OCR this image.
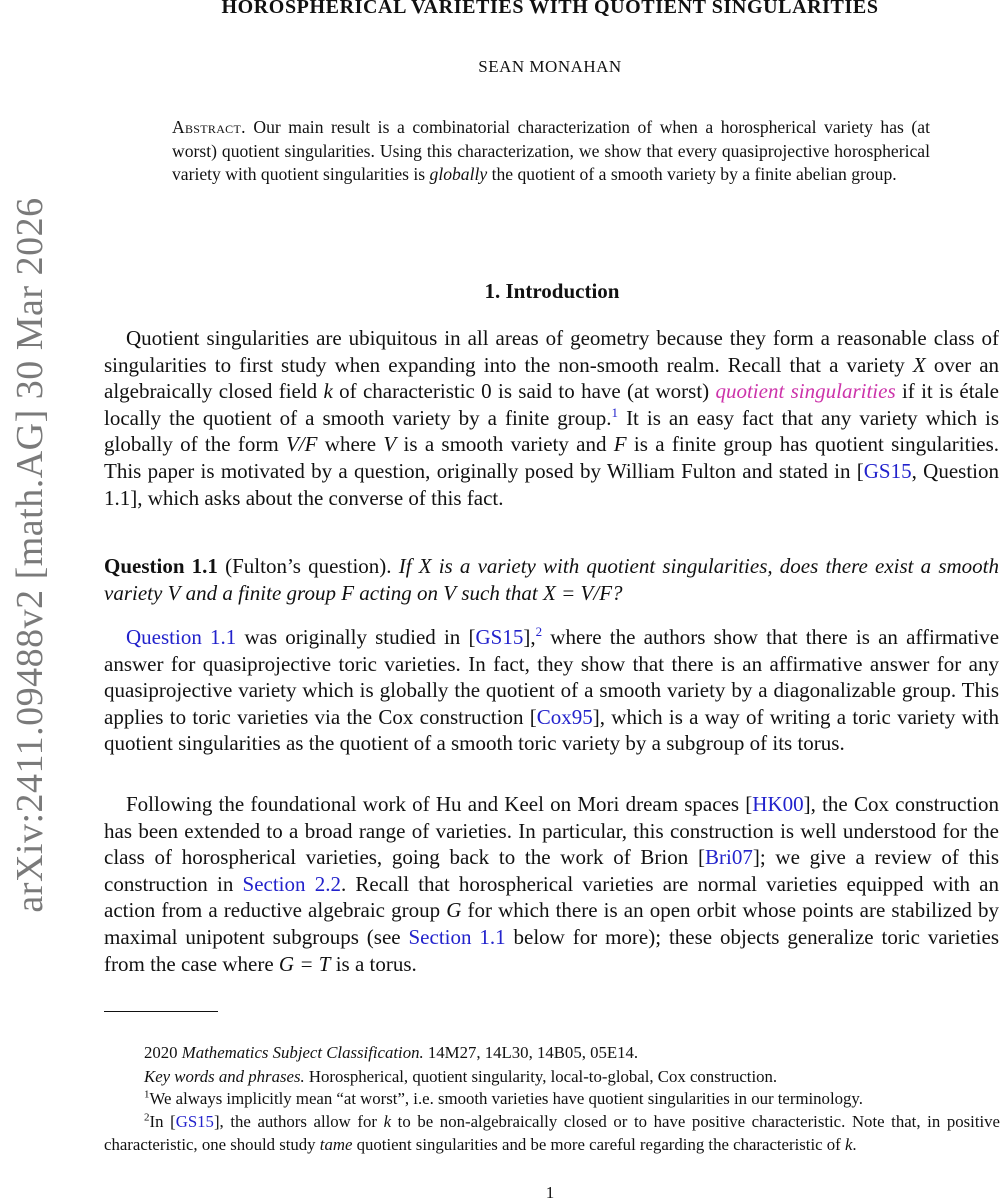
arXiv:2411.09488v2 [math.AG] 30 Mar 2026
HOROSPHERICAL VARIETIES WITH QUOTIENT SINGULARITIES
SEAN MONAHAN

Abstract. Our main result is a combinatorial characterization of when a horospherical variety has (at worst) quotient singularities. Using this characterization, we show that every quasiprojective horospherical variety with quotient singularities is globally the quotient of a smooth variety by a finite abelian group.

1. Introduction

Quotient singularities are ubiquitous in all areas of geometry because they form a reasonable class of singularities to first study when expanding into the non-smooth realm. Recall that a variety X over an algebraically closed field k of characteristic 0 is said to have (at worst) quotient singularities if it is étale locally the quotient of a smooth variety by a finite group.$^1$ It is an easy fact that any variety which is globally of the form V/F where V is a smooth variety and F is a finite group has quotient singularities. This paper is motivated by a question, originally posed by William Fulton and stated in [GS15, Question 1.1], which asks about the converse of this fact.

Question 1.1 (Fulton’s question). If X is a variety with quotient singularities, does there exist a smooth variety V and a finite group F acting on V such that X = V/F?

Question 1.1 was originally studied in [GS15],$^2$ where the authors show that there is an affirmative answer for quasiprojective toric varieties. In fact, they show that there is an affirmative answer for any quasiprojective variety which is globally the quotient of a smooth variety by a diagonalizable group. This applies to toric varieties via the Cox construction [Cox95], which is a way of writing a toric variety with quotient singularities as the quotient of a smooth toric variety by a subgroup of its torus.

Following the foundational work of Hu and Keel on Mori dream spaces [HK00], the Cox construction has been extended to a broad range of varieties. In particular, this construction is well understood for the class of horospherical varieties, going back to the work of Brion [Bri07]; we give a review of this construction in Section 2.2. Recall that horospherical varieties are normal varieties equipped with an action from a reductive algebraic group G for which there is an open orbit whose points are stabilized by maximal unipotent subgroups (see Section 1.1 below for more); these objects generalize toric varieties from the case where G = T is a torus.

2020 Mathematics Subject Classification. 14M27, 14L30, 14B05, 05E14.

Key words and phrases. Horospherical, quotient singularity, local-to-global, Cox construction.

$^1$We always implicitly mean “at worst”, i.e. smooth varieties have quotient singularities in our terminology.

$^2$In [GS15], the authors allow for k to be non-algebraically closed or to have positive characteristic. Note that, in positive characteristic, one should study tame quotient singularities and be more careful regarding the characteristic of k.

1
